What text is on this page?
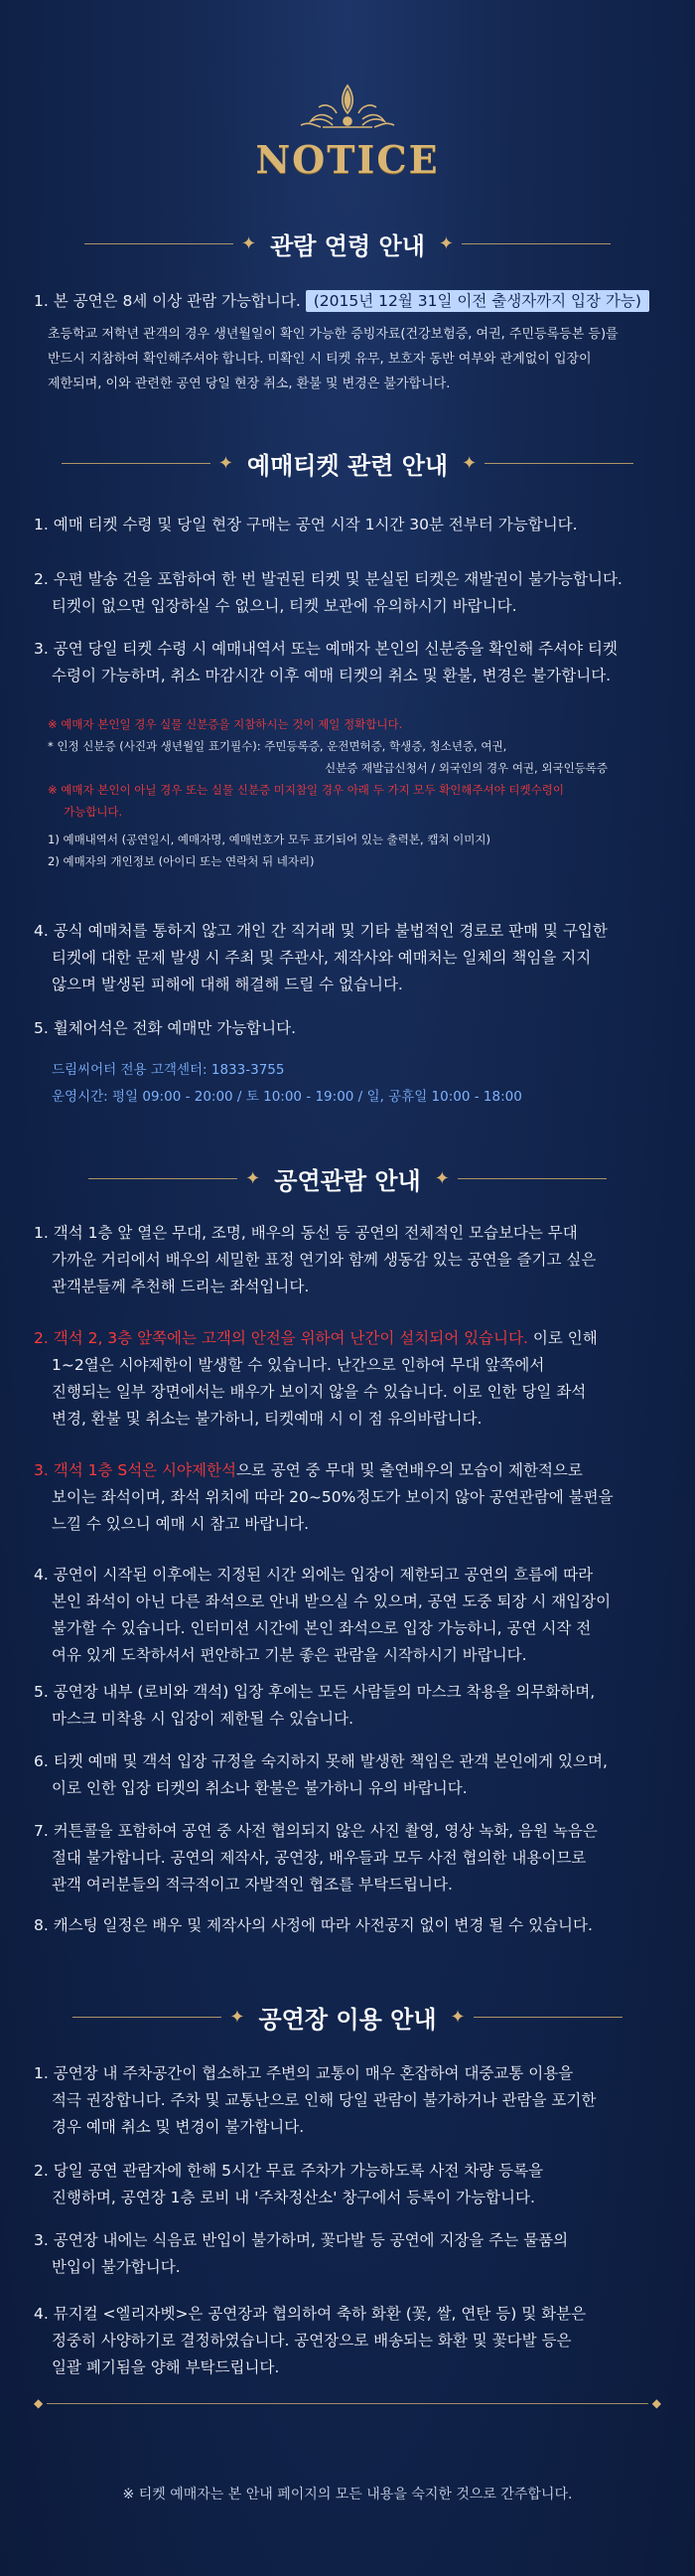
NOTICE
✦ 관람 연령 안내 ✦
1. 본 공연은 8세 이상 관람 가능합니다. (2015년 12월 31일 이전 출생자까지 입장 가능)
초등학교 저학년 관객의 경우 생년월일이 확인 가능한 증빙자료(건강보험증, 여권, 주민등록등본 등)를
반드시 지참하여 확인해주셔야 합니다. 미확인 시 티켓 유무, 보호자 동반 여부와 관계없이 입장이
제한되며, 이와 관련한 공연 당일 현장 취소, 환불 및 변경은 불가합니다.
✦ 예매티켓 관련 안내 ✦
1. 예매 티켓 수령 및 당일 현장 구매는 공연 시작 1시간 30분 전부터 가능합니다.
2. 우편 발송 건을 포함하여 한 번 발권된 티켓 및 분실된 티켓은 재발권이 불가능합니다.
티켓이 없으면 입장하실 수 없으니, 티켓 보관에 유의하시기 바랍니다.
3. 공연 당일 티켓 수령 시 예매내역서 또는 예매자 본인의 신분증을 확인해 주셔야 티켓
수령이 가능하며, 취소 마감시간 이후 예매 티켓의 취소 및 환불, 변경은 불가합니다.
※ 예매자 본인일 경우 실물 신분증을 지참하시는 것이 제일 정확합니다.
* 인정 신분증 (사진과 생년월일 표기필수): 주민등록증, 운전면허증, 학생증, 청소년증, 여권,
신분증 재발급신청서 / 외국인의 경우 여권, 외국인등록증
※ 예매자 본인이 아닐 경우 또는 실물 신분증 미지참일 경우 아래 두 가지 모두 확인해주셔야 티켓수령이
가능합니다.
1) 예매내역서 (공연일시, 예매자명, 예매번호가 모두 표기되어 있는 출력본, 캡쳐 이미지)
2) 예매자의 개인정보 (아이디 또는 연락처 뒤 네자리)
4. 공식 예매처를 통하지 않고 개인 간 직거래 및 기타 불법적인 경로로 판매 및 구입한
티켓에 대한 문제 발생 시 주최 및 주관사, 제작사와 예매처는 일체의 책임을 지지
않으며 발생된 피해에 대해 해결해 드릴 수 없습니다.
5. 휠체어석은 전화 예매만 가능합니다.
드림씨어터 전용 고객센터: 1833-3755
운영시간: 평일 09:00 - 20:00 / 토 10:00 - 19:00 / 일, 공휴일 10:00 - 18:00
✦ 공연관람 안내 ✦
1. 객석 1층 앞 열은 무대, 조명, 배우의 동선 등 공연의 전체적인 모습보다는 무대
가까운 거리에서 배우의 세밀한 표정 연기와 함께 생동감 있는 공연을 즐기고 싶은
관객분들께 추천해 드리는 좌석입니다.
2. 객석 2, 3층 앞쪽에는 고객의 안전을 위하여 난간이 설치되어 있습니다. 이로 인해
1~2열은 시야제한이 발생할 수 있습니다. 난간으로 인하여 무대 앞쪽에서
진행되는 일부 장면에서는 배우가 보이지 않을 수 있습니다. 이로 인한 당일 좌석
변경, 환불 및 취소는 불가하니, 티켓예매 시 이 점 유의바랍니다.
3. 객석 1층 S석은 시야제한석으로 공연 중 무대 및 출연배우의 모습이 제한적으로
보이는 좌석이며, 좌석 위치에 따라 20~50%정도가 보이지 않아 공연관람에 불편을
느낄 수 있으니 예매 시 참고 바랍니다.
4. 공연이 시작된 이후에는 지정된 시간 외에는 입장이 제한되고 공연의 흐름에 따라
본인 좌석이 아닌 다른 좌석으로 안내 받으실 수 있으며, 공연 도중 퇴장 시 재입장이
불가할 수 있습니다. 인터미션 시간에 본인 좌석으로 입장 가능하니, 공연 시작 전
여유 있게 도착하셔서 편안하고 기분 좋은 관람을 시작하시기 바랍니다.
5. 공연장 내부 (로비와 객석) 입장 후에는 모든 사람들의 마스크 착용을 의무화하며,
마스크 미착용 시 입장이 제한될 수 있습니다.
6. 티켓 예매 및 객석 입장 규정을 숙지하지 못해 발생한 책임은 관객 본인에게 있으며,
이로 인한 입장 티켓의 취소나 환불은 불가하니 유의 바랍니다.
7. 커튼콜을 포함하여 공연 중 사전 협의되지 않은 사진 촬영, 영상 녹화, 음원 녹음은
절대 불가합니다. 공연의 제작사, 공연장, 배우들과 모두 사전 협의한 내용이므로
관객 여러분들의 적극적이고 자발적인 협조를 부탁드립니다.
8. 캐스팅 일정은 배우 및 제작사의 사정에 따라 사전공지 없이 변경 될 수 있습니다.
✦ 공연장 이용 안내 ✦
1. 공연장 내 주차공간이 협소하고 주변의 교통이 매우 혼잡하여 대중교통 이용을
적극 권장합니다. 주차 및 교통난으로 인해 당일 관람이 불가하거나 관람을 포기한
경우 예매 취소 및 변경이 불가합니다.
2. 당일 공연 관람자에 한해 5시간 무료 주차가 가능하도록 사전 차량 등록을
진행하며, 공연장 1층 로비 내 '주차정산소' 창구에서 등록이 가능합니다.
3. 공연장 내에는 식음료 반입이 불가하며, 꽃다발 등 공연에 지장을 주는 물품의
반입이 불가합니다.
4. 뮤지컬 <엘리자벳>은 공연장과 협의하여 축하 화환 (꽃, 쌀, 연탄 등) 및 화분은
정중히 사양하기로 결정하였습니다. 공연장으로 배송되는 화환 및 꽃다발 등은
일괄 폐기됨을 양해 부탁드립니다.
◆	◆
※ 티켓 예매자는 본 안내 페이지의 모든 내용을 숙지한 것으로 간주합니다.
